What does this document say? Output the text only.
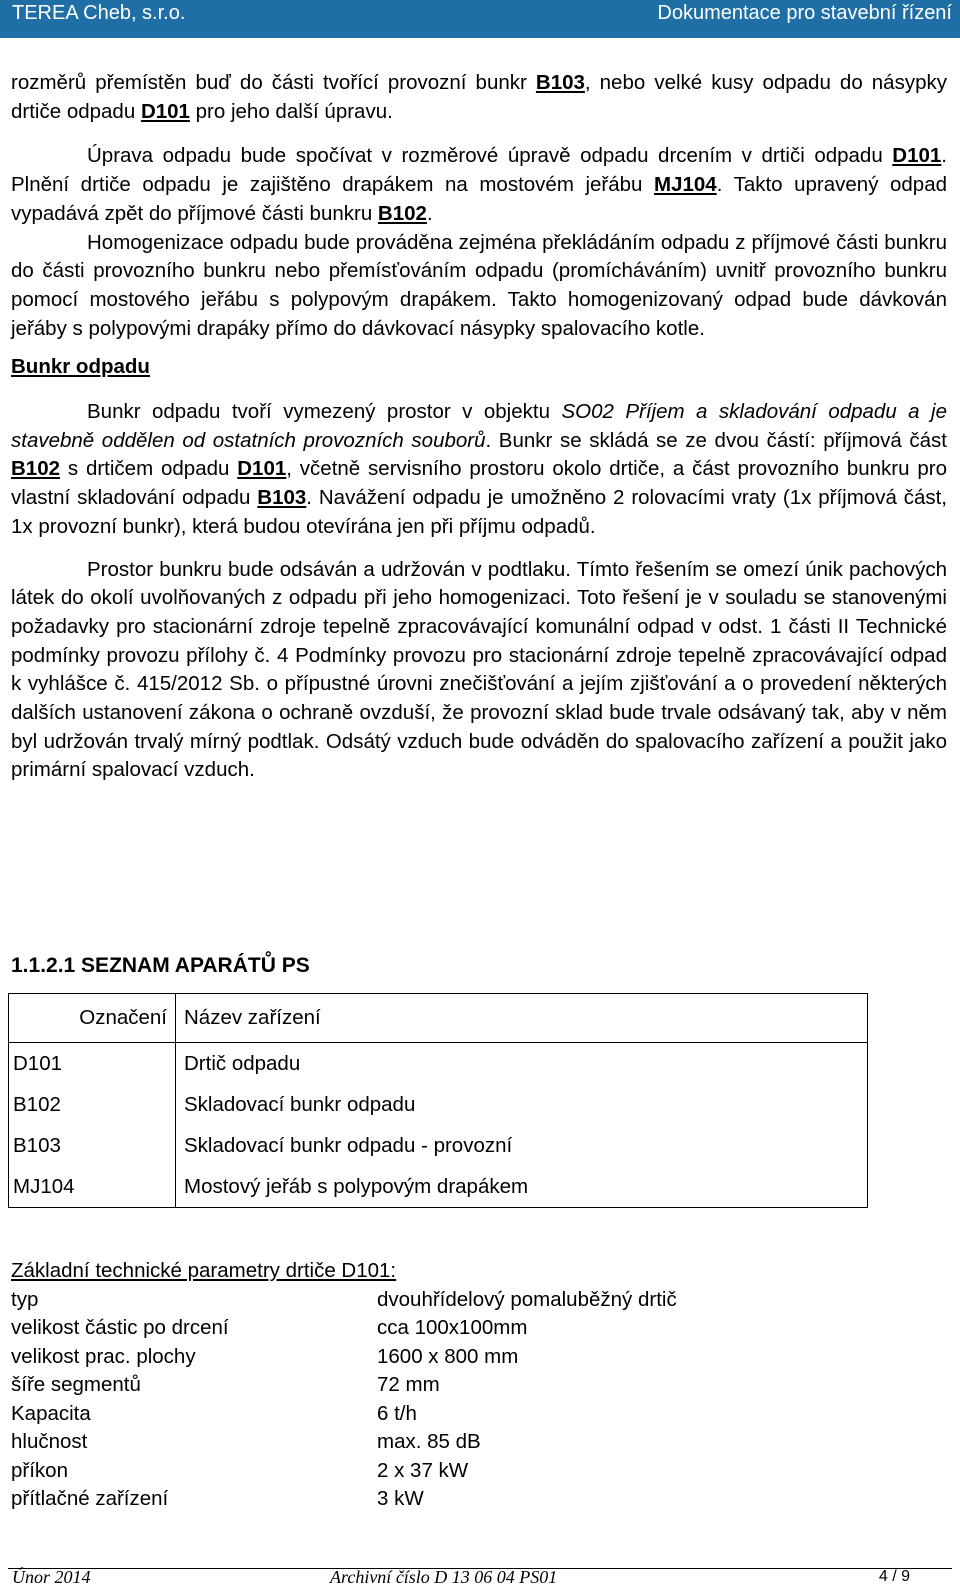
TEREA Cheb, s.r.o.	Dokumentace pro stavební řízení

rozměrů přemístěn buď do části tvořící provozní bunkr B103, nebo velké kusy odpadu do násypky drtiče odpadu D101 pro jeho další úpravu.

Úprava odpadu bude spočívat v rozměrové úpravě odpadu drcením v drtiči odpadu D101. Plnění drtiče odpadu je zajištěno drapákem na mostovém jeřábu MJ104. Takto upravený odpad vypadává zpět do příjmové části bunkru B102.

Homogenizace odpadu bude prováděna zejména překládáním odpadu z příjmové části bunkru do části provozního bunkru nebo přemísťováním odpadu (promícháváním) uvnitř provozního bunkru pomocí mostového jeřábu s polypovým drapákem. Takto homogenizovaný odpad bude dávkován jeřáby s polypovými drapáky přímo do dávkovací násypky spalovacího kotle.

Bunkr odpadu

Bunkr odpadu tvoří vymezený prostor v objektu SO02 Příjem a skladování odpadu a je stavebně oddělen od ostatních provozních souborů. Bunkr se skládá se ze dvou částí: příjmová část B102 s drtičem odpadu D101, včetně servisního prostoru okolo drtiče, a část provozního bunkru pro vlastní skladování odpadu B103. Navážení odpadu je umožněno 2 rolovacími vraty (1x příjmová část, 1x provozní bunkr), která budou otevírána jen při příjmu odpadů.

Prostor bunkru bude odsáván a udržován v podtlaku. Tímto řešením se omezí únik pachových látek do okolí uvolňovaných z odpadu při jeho homogenizaci. Toto řešení je v souladu se stanovenými požadavky pro stacionární zdroje tepelně zpracovávající komunální odpad v odst. 1 části II Technické podmínky provozu přílohy č. 4 Podmínky provozu pro stacionární zdroje tepelně zpracovávající odpad k vyhlášce č. 415/2012 Sb. o přípustné úrovni znečišťování a jejím zjišťování a o provedení některých dalších ustanovení zákona o ochraně ovzduší, že provozní sklad bude trvale odsávaný tak, aby v něm byl udržován trvalý mírný podtlak. Odsátý vzduch bude odváděn do spalovacího zařízení a použit jako primární spalovací vzduch.

1.1.2.1 SEZNAM APARÁTŮ PS
Označení	Název zařízení
D101	Drtič odpadu
B102	Skladovací bunkr odpadu
B103	Skladovací bunkr odpadu - provozní
MJ104	Mostový jeřáb s polypovým drapákem
Základní technické parametry drtiče D101:
typ	dvouhřídelový pomaluběžný drtič
velikost částic po drcení	cca 100x100mm
velikost prac. plochy	1600 x 800 mm
šíře segmentů	72 mm
Kapacita	6 t/h
hlučnost	max. 85 dB
příkon	2 x 37 kW
přítlačné zařízení	3 kW
Únor 2014	Archivní číslo D 13 06 04 PS01	4 / 9
